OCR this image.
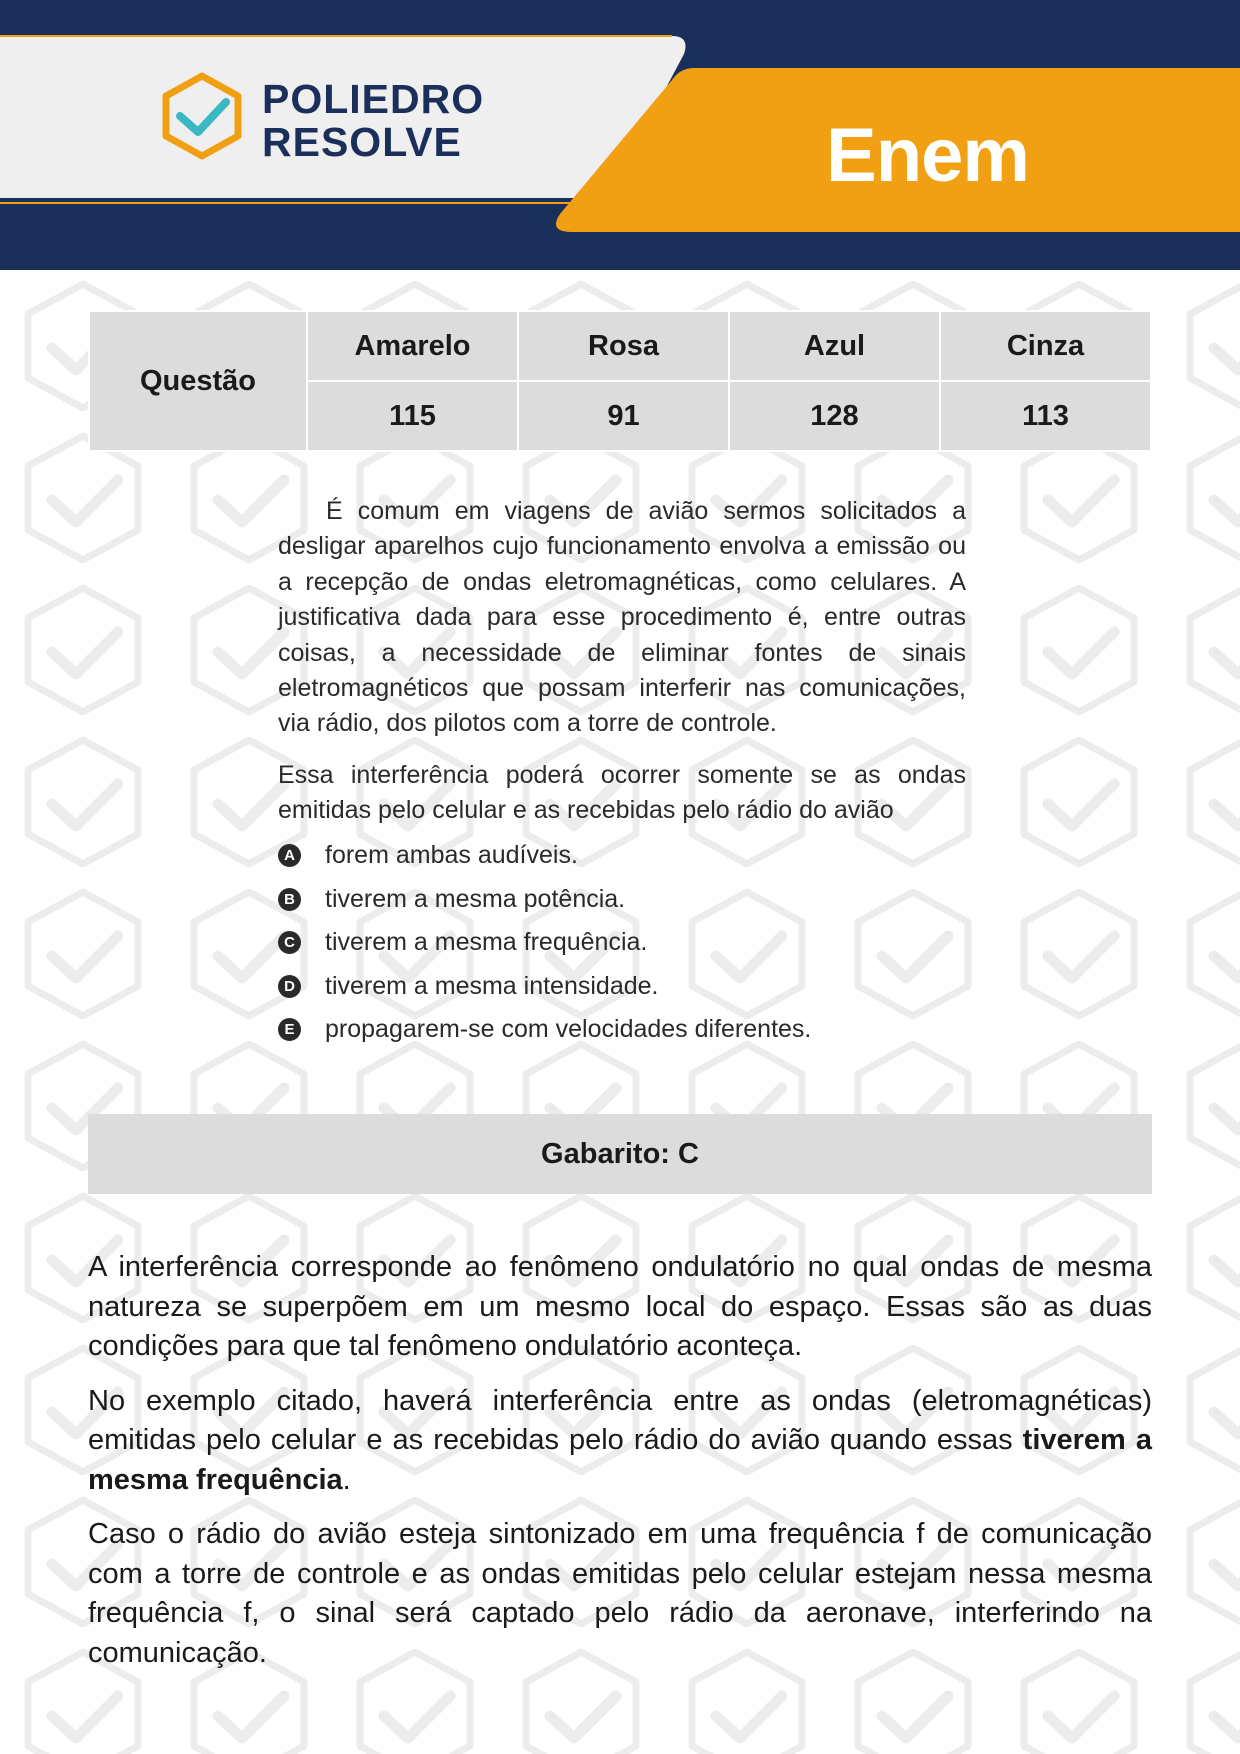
POLIEDRO
RESOLVE	Enem
Questão	Amarelo	Rosa	Azul	Cinza
	115	91	128	113

É comum em viagens de avião sermos solicitados a desligar aparelhos cujo funcionamento envolva a emissão ou a recepção de ondas eletromagnéticas, como celulares. A justificativa dada para esse procedimento é, entre outras coisas, a necessidade de eliminar fontes de sinais eletromagnéticos que possam interferir nas comunicações, via rádio, dos pilotos com a torre de controle.

Essa interferência poderá ocorrer somente se as ondas emitidas pelo celular e as recebidas pelo rádio do avião

A forem ambas audíveis.
B tiverem a mesma potência.
C tiverem a mesma frequência.
D tiverem a mesma intensidade.
E propagarem-se com velocidades diferentes.
Gabarito: C

A interferência corresponde ao fenômeno ondulatório no qual ondas de mesma natureza se superpõem em um mesmo local do espaço. Essas são as duas condições para que tal fenômeno ondulatório aconteça.

No exemplo citado, haverá interferência entre as ondas (eletromagnéticas) emitidas pelo celular e as recebidas pelo rádio do avião quando essas tiverem a mesma frequência.

Caso o rádio do avião esteja sintonizado em uma frequência f de comunicação com a torre de controle e as ondas emitidas pelo celular estejam nessa mesma frequência f, o sinal será captado pelo rádio da aeronave, interferindo na comunicação.
